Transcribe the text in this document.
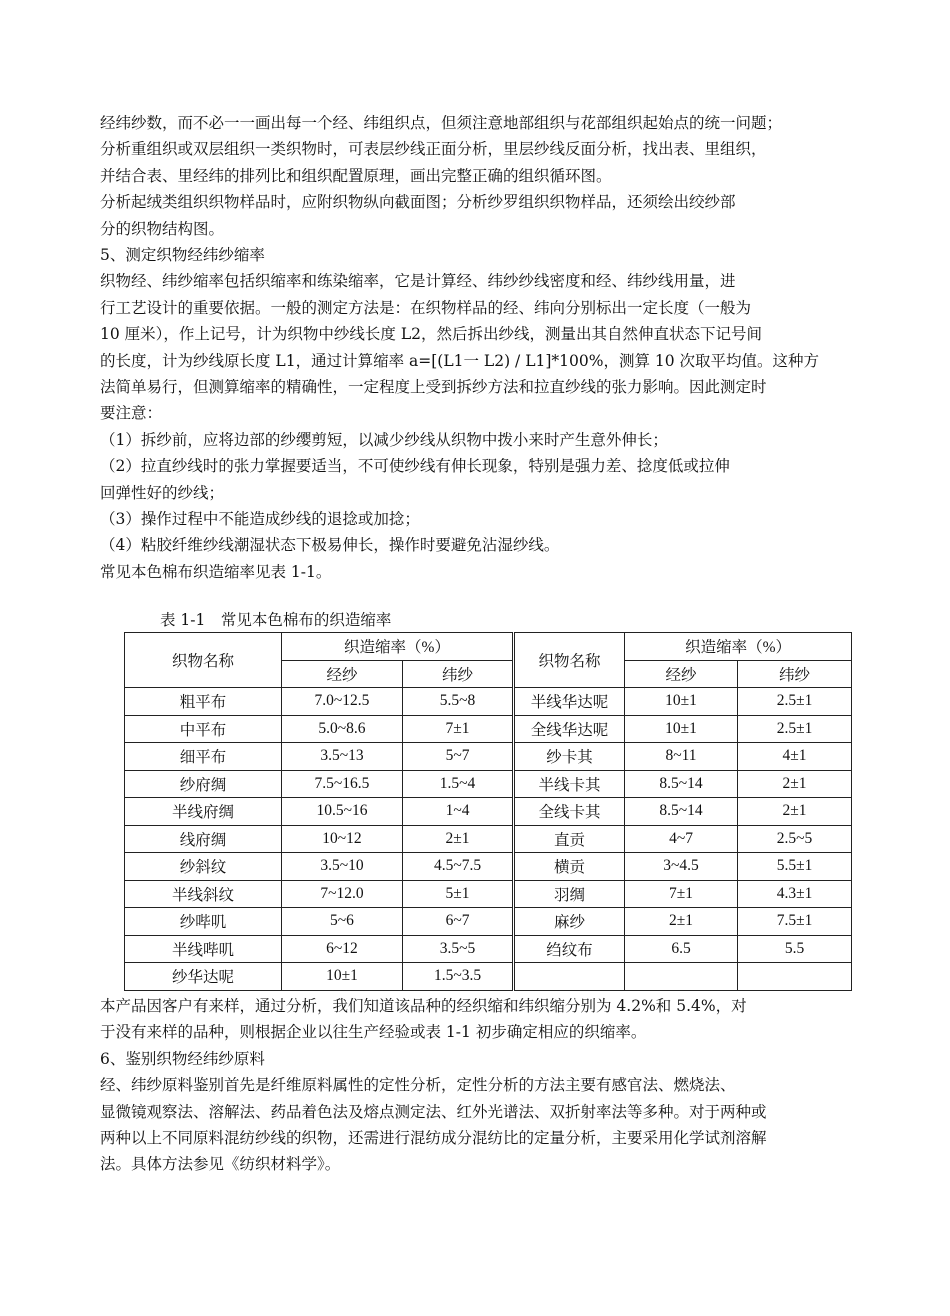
经纬纱数，而不必一一画出每一个经、纬组织点，但须注意地部组织与花部组织起始点的统一问题；
分析重组织或双层组织一类织物时，可表层纱线正面分析，里层纱线反面分析，找出表、里组织，
并结合表、里经纬的排列比和组织配置原理，画出完整正确的组织循环图。
分析起绒类组织织物样品时，应附织物纵向截面图；分析纱罗组织织物样品，还须绘出绞纱部
分的织物结构图。
5、测定织物经纬纱缩率
织物经、纬纱缩率包括织缩率和练染缩率，它是计算经、纬纱纱线密度和经、纬纱线用量，进
行工艺设计的重要依据。一般的测定方法是：在织物样品的经、纬向分别标出一定长度（一般为
10 厘米），作上记号，计为织物中纱线长度 L2，然后拆出纱线，测量出其自然伸直状态下记号间
的长度，计为纱线原长度 L1，通过计算缩率 a=[(L1一 L2) / L1]*100%，测算 10 次取平均值。这种方
法简单易行，但测算缩率的精确性，一定程度上受到拆纱方法和拉直纱线的张力影响。因此测定时
要注意：
（1）拆纱前，应将边部的纱缨剪短，以减少纱线从织物中拨小来时产生意外伸长；
（2）拉直纱线时的张力掌握要适当，不可使纱线有伸长现象，特别是强力差、捻度低或拉伸
回弹性好的纱线；
（3）操作过程中不能造成纱线的退捻或加捻；
（4）粘胶纤维纱线潮湿状态下极易伸长，操作时要避免沾湿纱线。
常见本色棉布织造缩率见表 1-1。
表 1-1　常见本色棉布的织造缩率
织物名称	织造缩率（%）		织物名称	织造缩率（%）	
	经纱	纬纱		经纱	纬纱
粗平布	7.0~12.5	5.5~8	半线华达呢	10±1	2.5±1
中平布	5.0~8.6	7±1	全线华达呢	10±1	2.5±1
细平布	3.5~13	5~7	纱卡其	8~11	4±1
纱府绸	7.5~16.5	1.5~4	半线卡其	8.5~14	2±1
半线府绸	10.5~16	1~4	全线卡其	8.5~14	2±1
线府绸	10~12	2±1	直贡	4~7	2.5~5
纱斜纹	3.5~10	4.5~7.5	横贡	3~4.5	5.5±1
半线斜纹	7~12.0	5±1	羽绸	7±1	4.3±1
纱哔叽	5~6	6~7	麻纱	2±1	7.5±1
半线哔叽	6~12	3.5~5	绉纹布	6.5	5.5
纱华达呢	10±1	1.5~3.5			
本产品因客户有来样，通过分析，我们知道该品种的经织缩和纬织缩分别为 4.2%和 5.4%，对
于没有来样的品种，则根据企业以往生产经验或表 1-1 初步确定相应的织缩率。
6、鉴别织物经纬纱原料
经、纬纱原料鉴别首先是纤维原料属性的定性分析，定性分析的方法主要有感官法、燃烧法、
显微镜观察法、溶解法、药品着色法及熔点测定法、红外光谱法、双折射率法等多种。对于两种或
两种以上不同原料混纺纱线的织物，还需进行混纺成分混纺比的定量分析，主要采用化学试剂溶解
法。具体方法参见《纺织材料学》。
